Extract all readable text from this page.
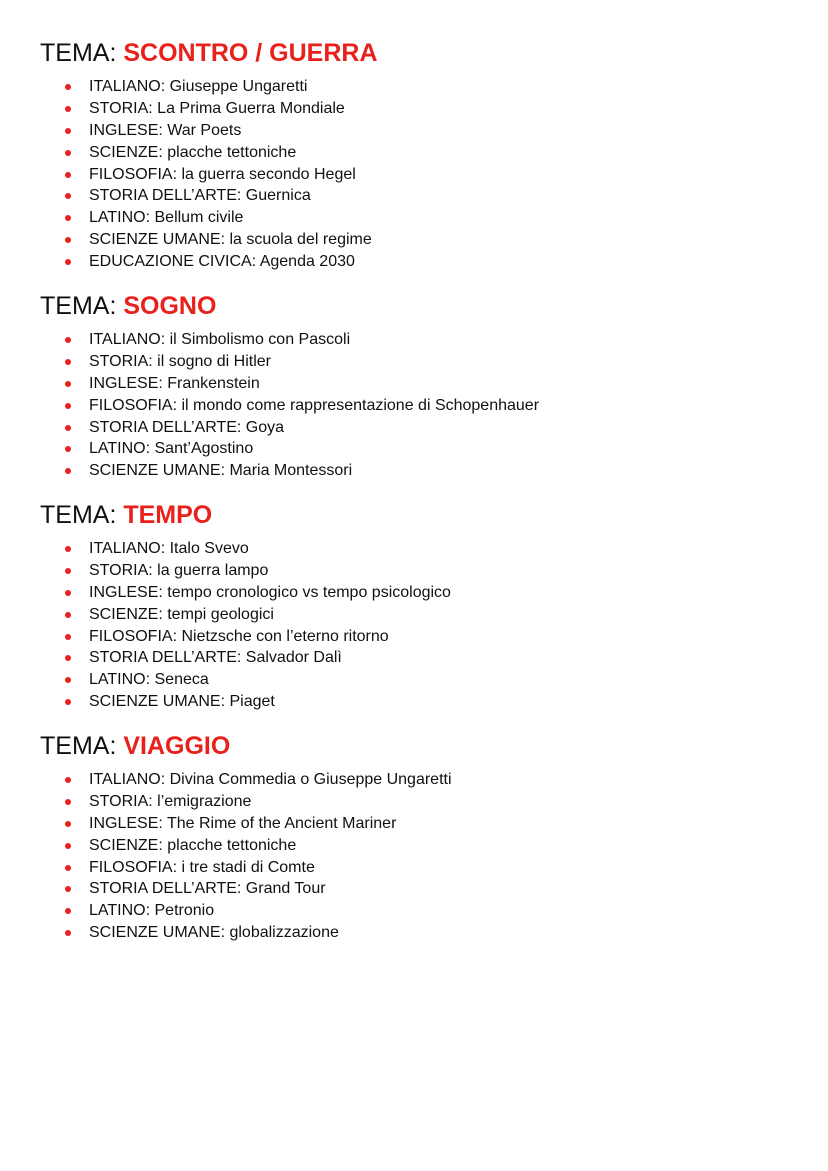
TEMA: SCONTRO / GUERRA
ITALIANO: Giuseppe Ungaretti
STORIA: La Prima Guerra Mondiale
INGLESE: War Poets
SCIENZE: placche tettoniche
FILOSOFIA: la guerra secondo Hegel
STORIA DELL’ARTE: Guernica
LATINO: Bellum civile
SCIENZE UMANE: la scuola del regime
EDUCAZIONE CIVICA: Agenda 2030
TEMA: SOGNO
ITALIANO: il Simbolismo con Pascoli
STORIA: il sogno di Hitler
INGLESE: Frankenstein
FILOSOFIA: il mondo come rappresentazione di Schopenhauer
STORIA DELL’ARTE: Goya
LATINO: Sant’Agostino
SCIENZE UMANE: Maria Montessori
TEMA: TEMPO
ITALIANO: Italo Svevo
STORIA: la guerra lampo
INGLESE: tempo cronologico vs tempo psicologico
SCIENZE: tempi geologici
FILOSOFIA: Nietzsche con l’eterno ritorno
STORIA DELL’ARTE: Salvador Dalì
LATINO: Seneca
SCIENZE UMANE: Piaget
TEMA: VIAGGIO
ITALIANO: Divina Commedia o Giuseppe Ungaretti
STORIA: l’emigrazione
INGLESE: The Rime of the Ancient Mariner
SCIENZE: placche tettoniche
FILOSOFIA: i tre stadi di Comte
STORIA DELL’ARTE: Grand Tour
LATINO: Petronio
SCIENZE UMANE: globalizzazione
